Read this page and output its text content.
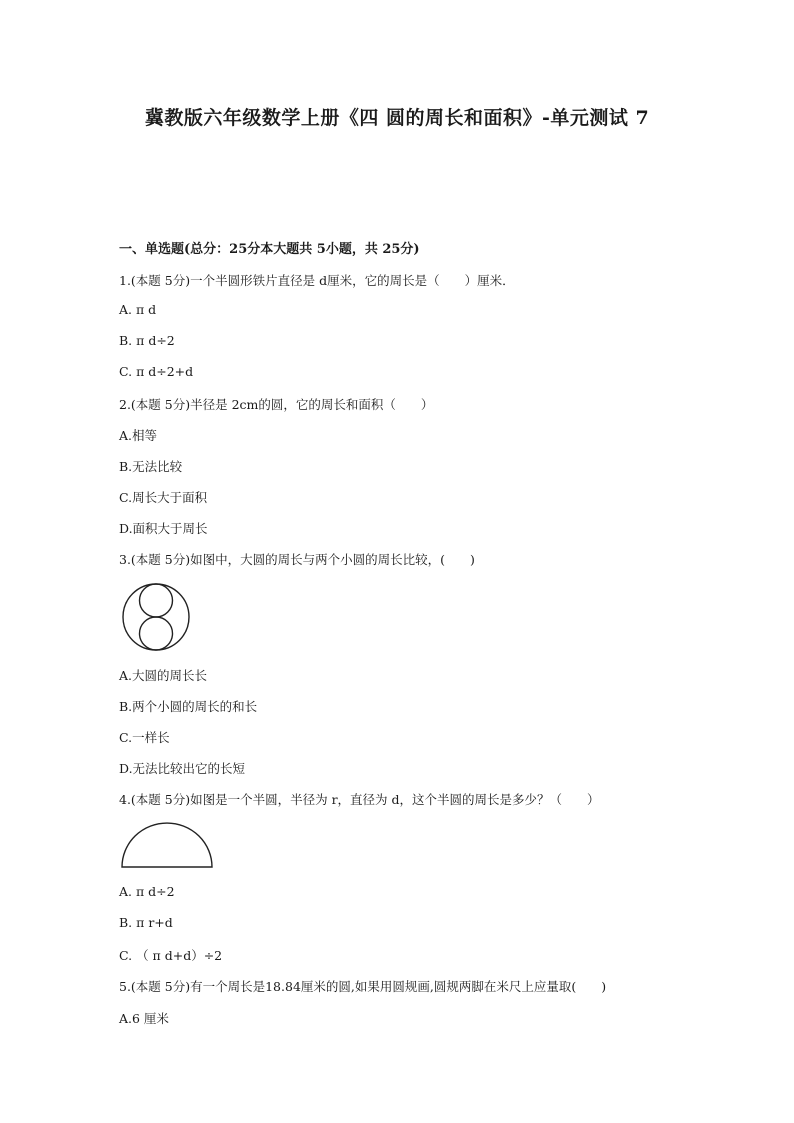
冀教版六年级数学上册《四 圆的周长和面积》-单元测试 7
一、单选题(总分：25分本大题共 5小题，共 25分)
1.(本题 5分)一个半圆形铁片直径是 d厘米，它的周长是（　　）厘米．
A. π d
B. π d÷2
C. π d÷2+d
2.(本题 5分)半径是 2cm的圆，它的周长和面积（　　）
A.相等
B.无法比较
C.周长大于面积
D.面积大于周长
3.(本题 5分)如图中，大圆的周长与两个小圆的周长比较，(　　)
A.大圆的周长长
B.两个小圆的周长的和长
C.一样长
D.无法比较出它的长短
4.(本题 5分)如图是一个半圆，半径为 r，直径为 d，这个半圆的周长是多少？（　　）
A. π d÷2
B. π r+d
C. （ π d+d）÷2
5.(本题 5分)有一个周长是18.84厘米的圆,如果用圆规画,圆规两脚在米尺上应量取(　　)
A.6 厘米
